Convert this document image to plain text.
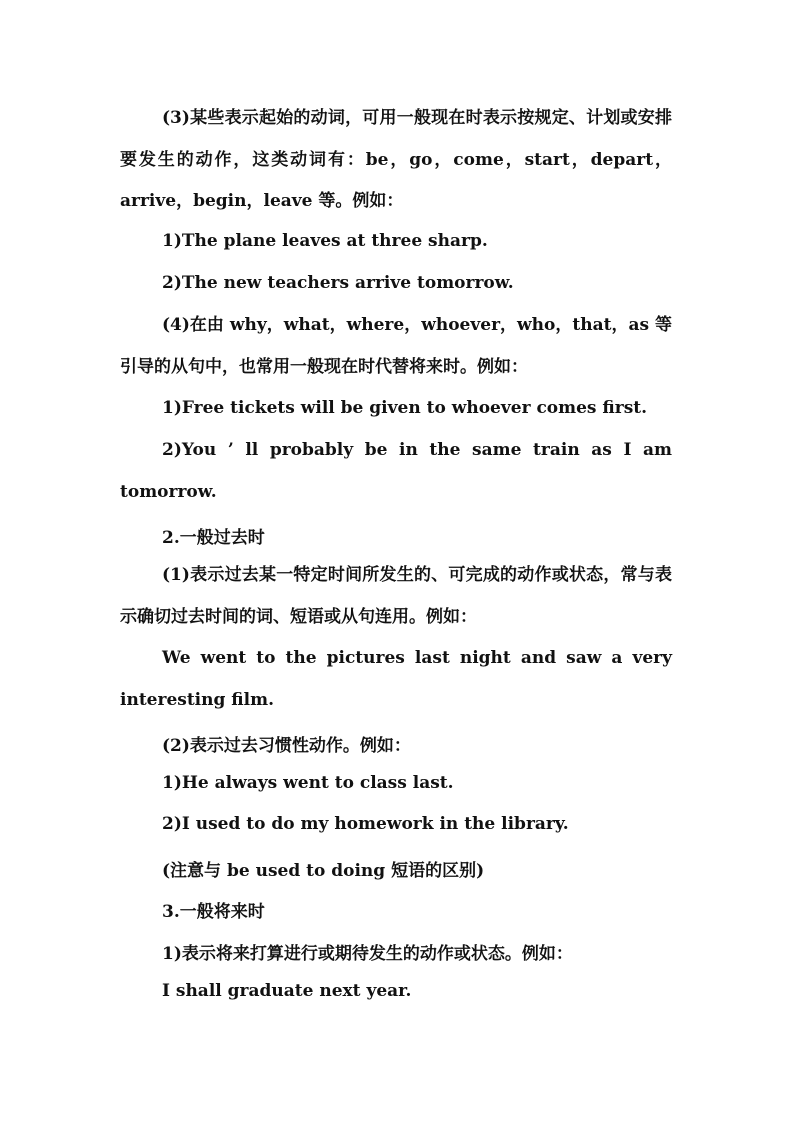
(3)某些表示起始的动词，可用一般现在时表示按规定、计划或安排要发生的动作，这类动词有：be，go，come，start，depart，arrive，begin，leave 等。例如：

1)The plane leaves at three sharp.

2)The new teachers arrive tomorrow.

(4)在由 why，what，where，whoever，who，that，as 等引导的从句中，也常用一般现在时代替将来时。例如：

1)Free tickets will be given to whoever comes first.

2)You ’ ll probably be in the same train as I am tomorrow.

2.一般过去时

(1)表示过去某一特定时间所发生的、可完成的动作或状态，常与表示确切过去时间的词、短语或从句连用。例如：

We went to the pictures last night and saw a very interesting film.

(2)表示过去习惯性动作。例如：

1)He always went to class last.

2)I used to do my homework in the library.

(注意与 be used to doing 短语的区别)

3.一般将来时

1)表示将来打算进行或期待发生的动作或状态。例如：

I shall graduate next year.
